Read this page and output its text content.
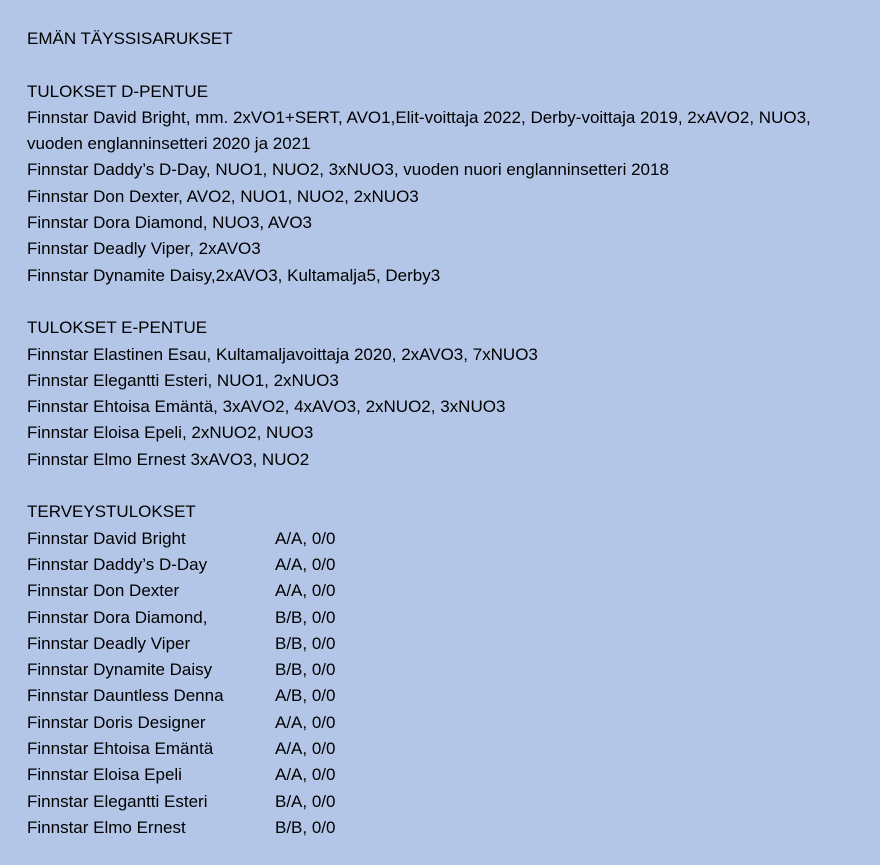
EMÄN TÄYSSISARUKSET
TULOKSET D-PENTUE
Finnstar David Bright, mm. 2xVO1+SERT, AVO1,Elit-voittaja 2022, Derby-voittaja 2019, 2xAVO2, NUO3, vuoden englanninsetteri 2020 ja 2021
Finnstar Daddy’s D-Day, NUO1, NUO2, 3xNUO3, vuoden nuori englanninsetteri 2018
Finnstar Don Dexter, AVO2, NUO1, NUO2, 2xNUO3
Finnstar Dora Diamond, NUO3, AVO3
Finnstar Deadly Viper, 2xAVO3
Finnstar Dynamite Daisy,2xAVO3, Kultamalja5, Derby3
TULOKSET E-PENTUE
Finnstar Elastinen Esau, Kultamaljavoittaja 2020, 2xAVO3, 7xNUO3
Finnstar Elegantti Esteri, NUO1, 2xNUO3
Finnstar Ehtoisa Emäntä, 3xAVO2, 4xAVO3, 2xNUO2, 3xNUO3
Finnstar Eloisa Epeli, 2xNUO2, NUO3
Finnstar Elmo Ernest 3xAVO3, NUO2
TERVEYSTULOKSET
Finnstar David Bright	A/A, 0/0
Finnstar Daddy’s D-Day	A/A, 0/0
Finnstar Don Dexter	A/A, 0/0
Finnstar Dora Diamond,	B/B, 0/0
Finnstar Deadly Viper	B/B, 0/0
Finnstar Dynamite Daisy	B/B, 0/0
Finnstar Dauntless Denna	A/B, 0/0
Finnstar Doris Designer	A/A, 0/0
Finnstar Ehtoisa Emäntä	A/A, 0/0
Finnstar Eloisa Epeli	A/A, 0/0
Finnstar Elegantti Esteri	B/A, 0/0
Finnstar Elmo Ernest	B/B, 0/0
